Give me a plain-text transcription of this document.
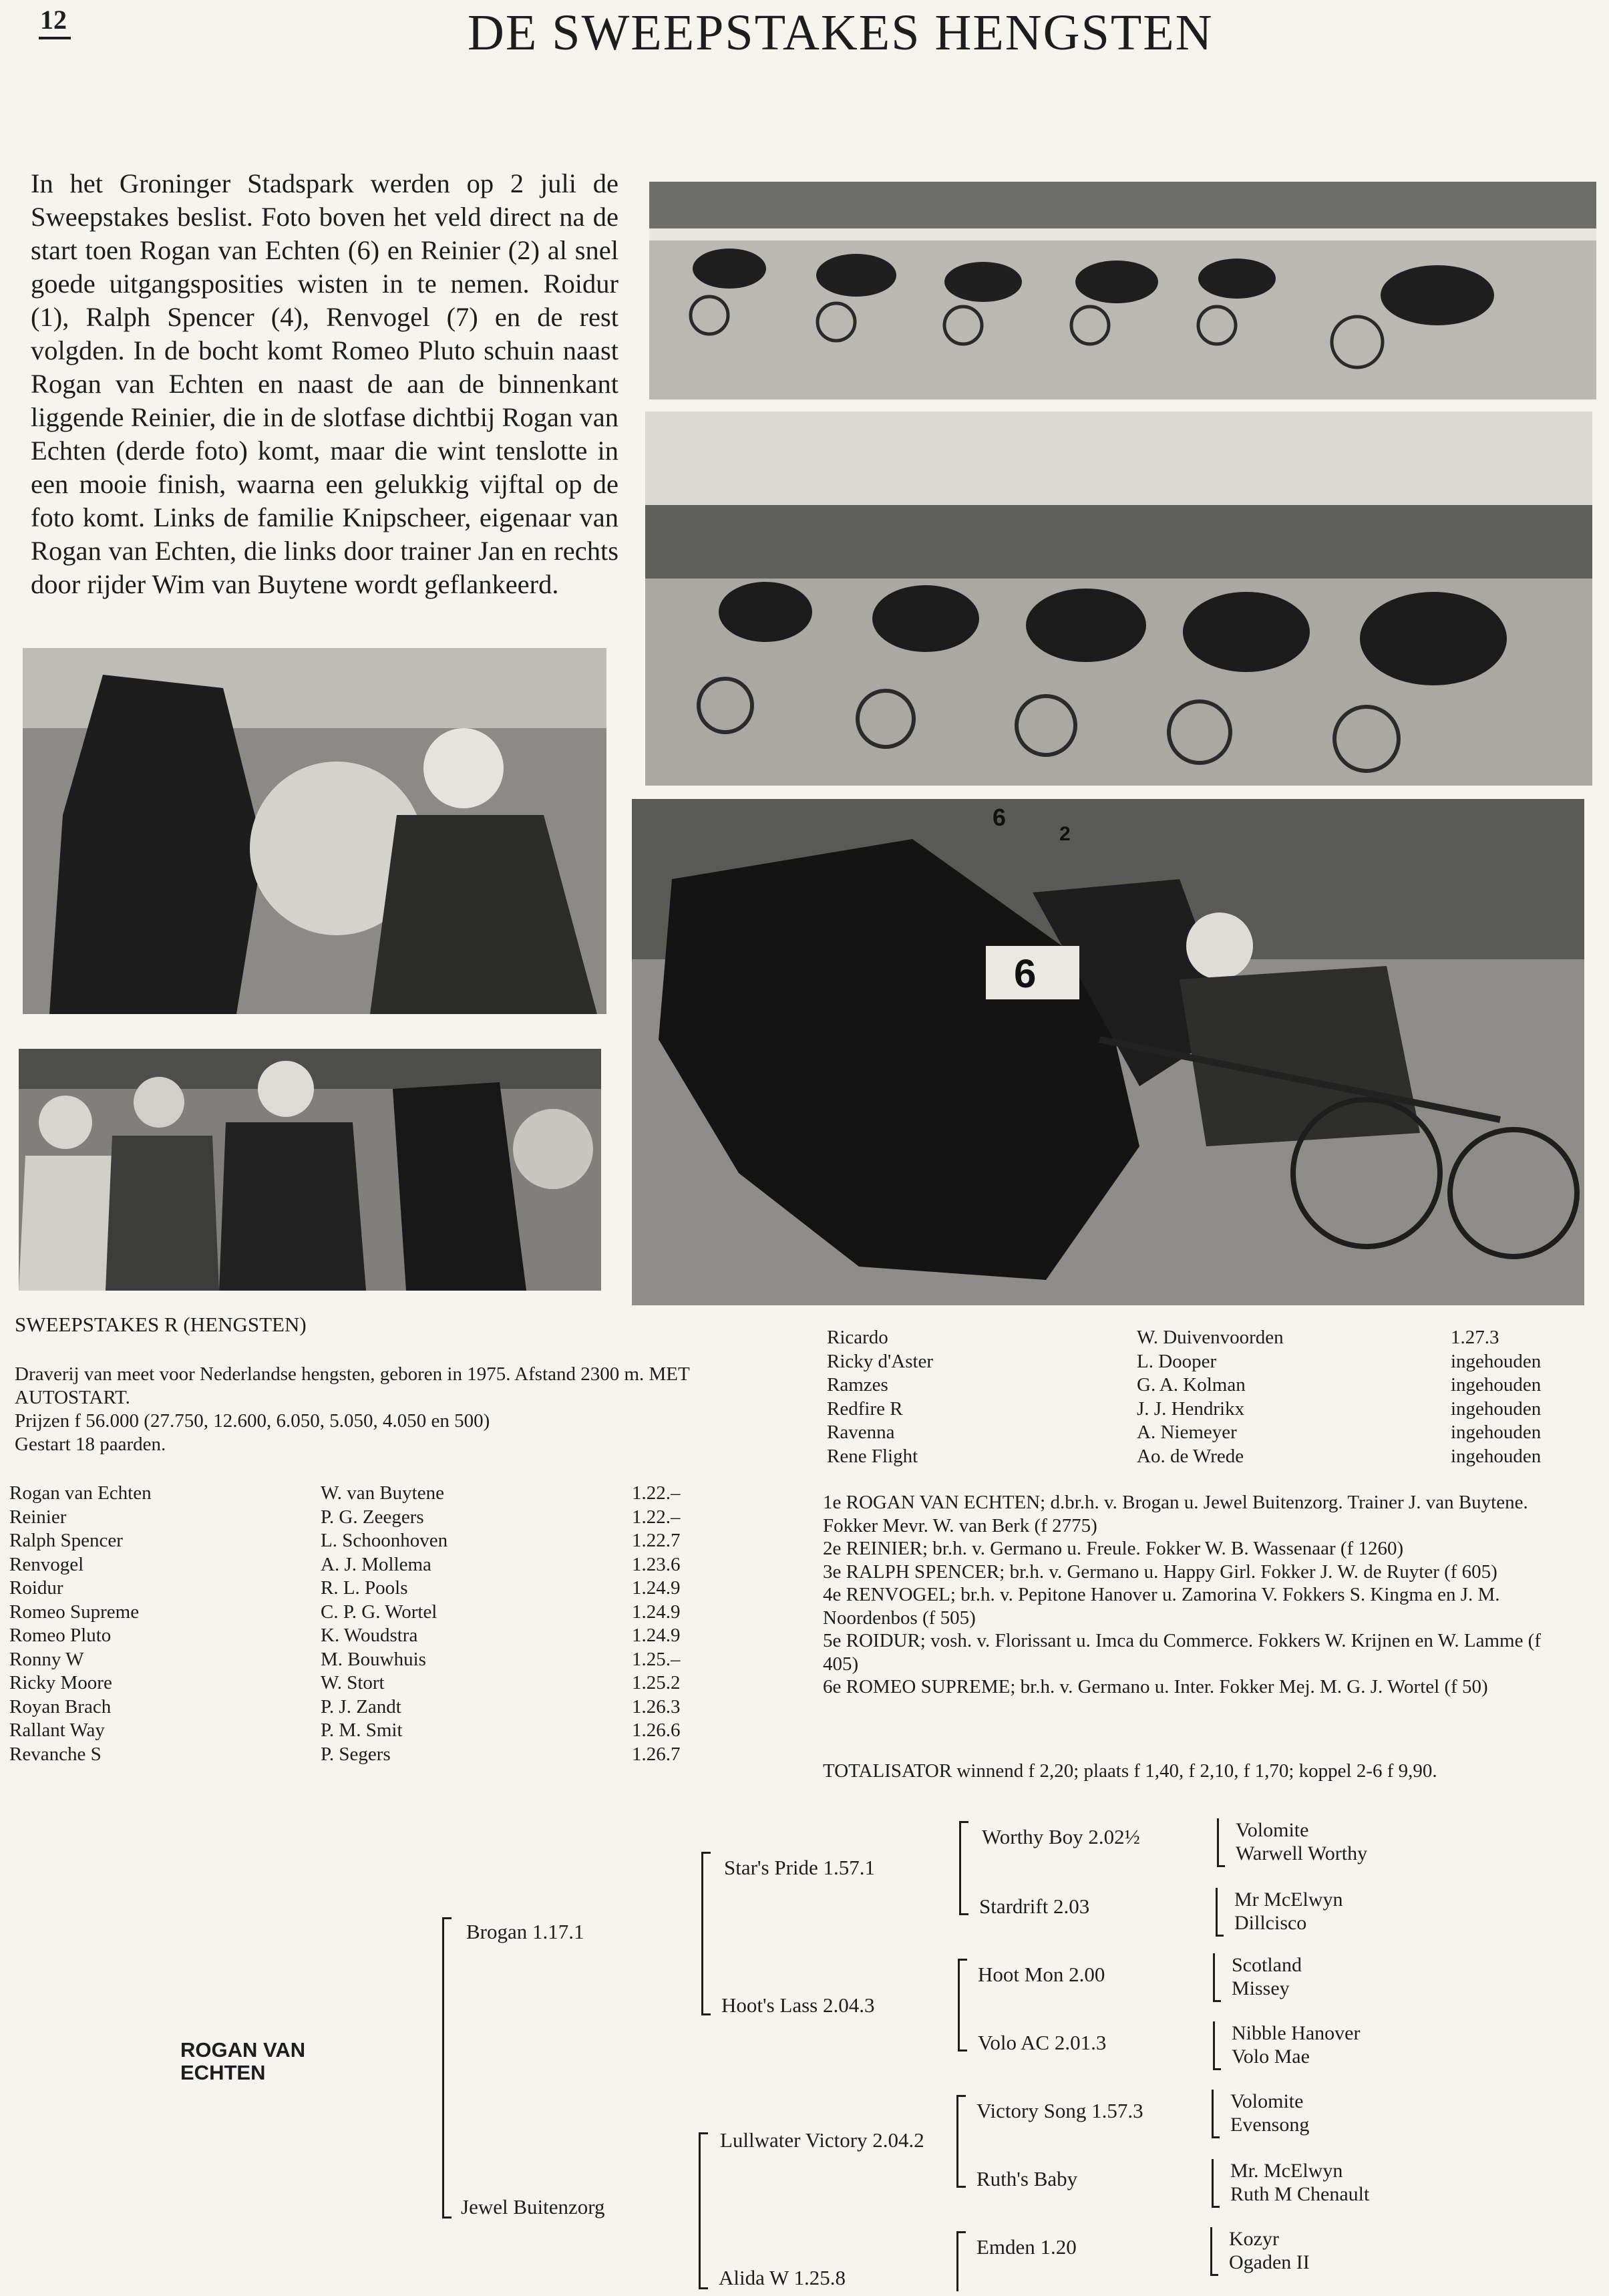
12	DE SWEEPSTAKES HENGSTEN
In het Groninger Stadspark werden op 2 juli de Sweepstakes beslist. Foto boven het veld direct na de start toen Rogan van Echten (6) en Reinier (2) al snel goede uitgangsposities wisten in te nemen. Roidur (1), Ralph Spencer (4), Renvogel (7) en de rest volgden. In de bocht komt Romeo Pluto schuin naast Rogan van Echten en naast de aan de binnenkant liggende Reinier, die in de slotfase dichtbij Rogan van Echten (derde foto) komt, maar die wint tenslotte in een mooie finish, waarna een gelukkig vijftal op de foto komt. Links de familie Knipscheer, eigenaar van Rogan van Echten, die links door trainer Jan en rechts door rijder Wim van Buytene wordt geflankeerd.
6
2
6
SWEEPSTAKES R (HENGSTEN)
Draverij van meet voor Nederlandse hengsten, geboren in 1975. Afstand 2300 m. MET AUTOSTART.
Prijzen f 56.000 (27.750, 12.600, 6.050, 5.050, 4.050 en 500)
Gestart 18 paarden.
Rogan van Echten	W. van Buytene	1.22.–
Reinier	P. G. Zeegers	1.22.–
Ralph Spencer	L. Schoonhoven	1.22.7
Renvogel	A. J. Mollema	1.23.6
Roidur	R. L. Pools	1.24.9
Romeo Supreme	C. P. G. Wortel	1.24.9
Romeo Pluto	K. Woudstra	1.24.9
Ronny W	M. Bouwhuis	1.25.–
Ricky Moore	W. Stort	1.25.2
Royan Brach	P. J. Zandt	1.26.3
Rallant Way	P. M. Smit	1.26.6
Revanche S	P. Segers	1.26.7
Ricardo	W. Duivenvoorden	1.27.3
Ricky d'Aster	L. Dooper	ingehouden
Ramzes	G. A. Kolman	ingehouden
Redfire R	J. J. Hendrikx	ingehouden
Ravenna	A. Niemeyer	ingehouden
Rene Flight	Ao. de Wrede	ingehouden

1e ROGAN VAN ECHTEN; d.br.h. v. Brogan u. Jewel Buitenzorg. Trainer J. van Buytene. Fokker Mevr. W. van Berk (f 2775)

2e REINIER; br.h. v. Germano u. Freule. Fokker W. B. Wassenaar (f 1260)

3e RALPH SPENCER; br.h. v. Germano u. Happy Girl. Fokker J. W. de Ruyter (f 605)

4e RENVOGEL; br.h. v. Pepitone Hanover u. Zamorina V. Fokkers S. Kingma en J. M. Noordenbos (f 505)

5e ROIDUR; vosh. v. Florissant u. Imca du Commerce. Fokkers W. Krijnen en W. Lamme (f 405)

6e ROMEO SUPREME; br.h. v. Germano u. Inter. Fokker Mej. M. G. J. Wortel (f 50)

TOTALISATOR winnend f 2,20; plaats f 1,40, f 2,10, f 1,70; koppel 2-6 f 9,90.
ROGAN VAN ECHTEN
Brogan 1.17.1
Jewel Buitenzorg
Star's Pride 1.57.1
Hoot's Lass 2.04.3
Lullwater Victory 2.04.2
Alida W 1.25.8
Worthy Boy 2.02½
Stardrift 2.03
Hoot Mon 2.00
Volo AC 2.01.3
Victory Song 1.57.3
Ruth's Baby
Emden 1.20
Volomite
Warwell Worthy
Mr McElwyn
Dillcisco
Scotland
Missey
Nibble Hanover
Volo Mae
Volomite
Evensong
Mr. McElwyn
Ruth M Chenault
Kozyr
Ogaden II
